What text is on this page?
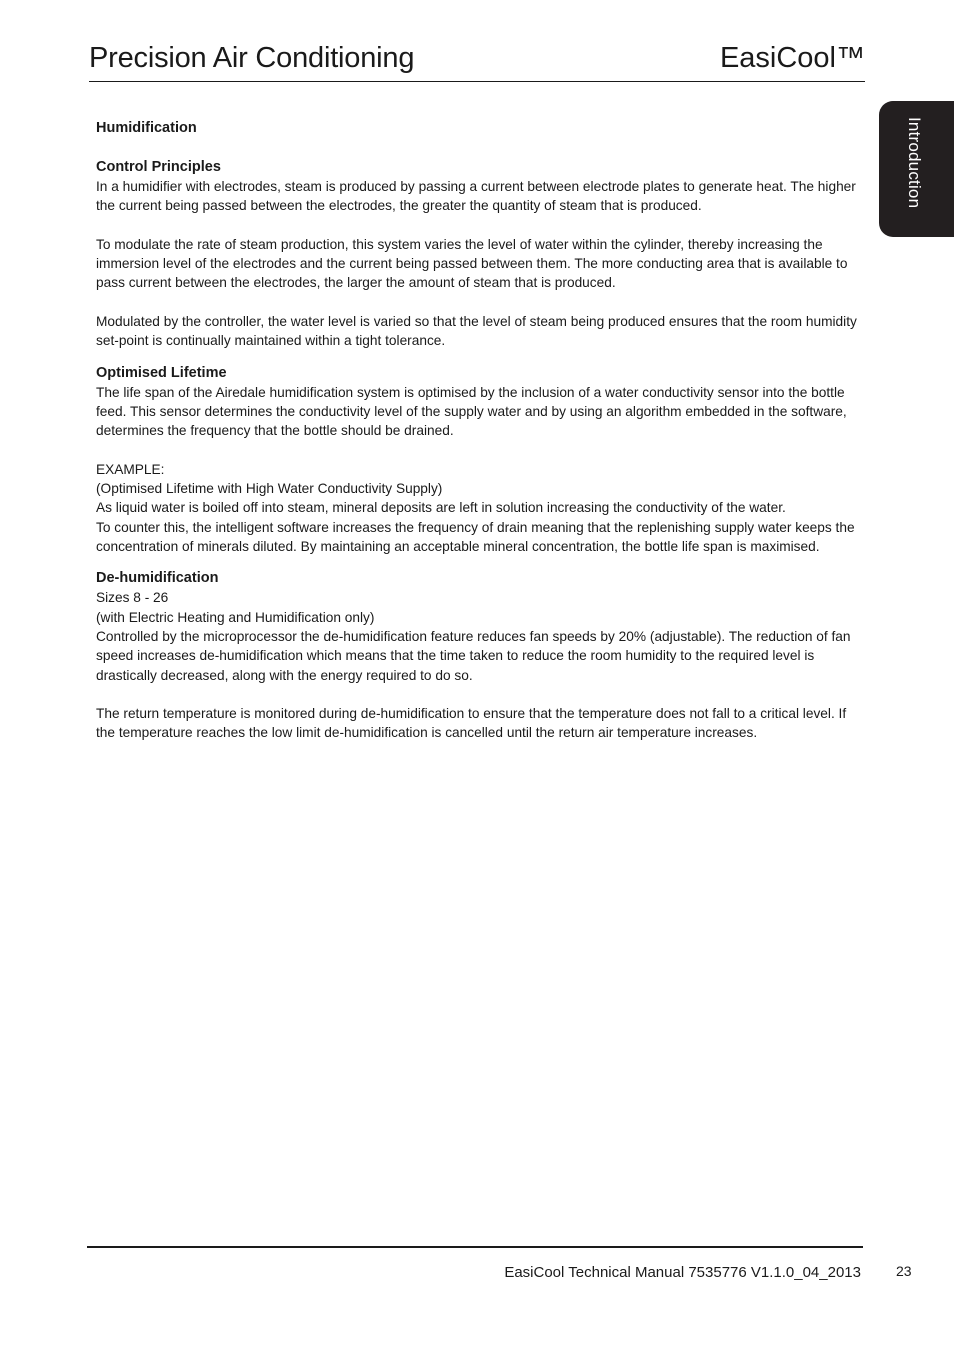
Precision Air Conditioning	EasiCool™
Introduction

Humidification

Control Principles

In a humidifier with electrodes, steam is produced by passing a current between electrode plates to generate heat. The higher the current being passed between the electrodes, the greater the quantity of steam that is produced.

To modulate the rate of steam production, this system varies the level of water within the cylinder, thereby increasing the immersion level of the electrodes and the current being passed between them. The more conducting area that is available to pass current between the electrodes, the larger the amount of steam that is produced.

Modulated by the controller, the water level is varied so that the level of steam being produced ensures that the room humidity set-point is continually maintained within a tight tolerance.

Optimised Lifetime

The life span of the Airedale humidification system is optimised by the inclusion of a water conductivity sensor into the bottle feed. This sensor determines the conductivity level of the supply water and by using an algorithm embedded in the software, determines the frequency that the bottle should be drained.

EXAMPLE:

(Optimised Lifetime with High Water Conductivity Supply)

As liquid water is boiled off into steam, mineral deposits are left in solution increasing the conductivity of the water.

To counter this, the intelligent software increases the frequency of drain meaning that the replenishing supply water keeps the concentration of minerals diluted. By maintaining an acceptable mineral concentration, the bottle life span is maximised.

De-humidification

Sizes 8 - 26

(with Electric Heating and Humidification only)

Controlled by the microprocessor the de-humidification feature reduces fan speeds by 20% (adjustable). The reduction of fan speed increases de-humidification which means that the time taken to reduce the room humidity to the required level is drastically decreased, along with the energy required to do so.

The return temperature is monitored during de-humidification to ensure that the temperature does not fall to a critical level. If the temperature reaches the low limit de-humidification is cancelled until the return air temperature increases.

EasiCool Technical Manual 7535776 V1.1.0_04_2013	23
